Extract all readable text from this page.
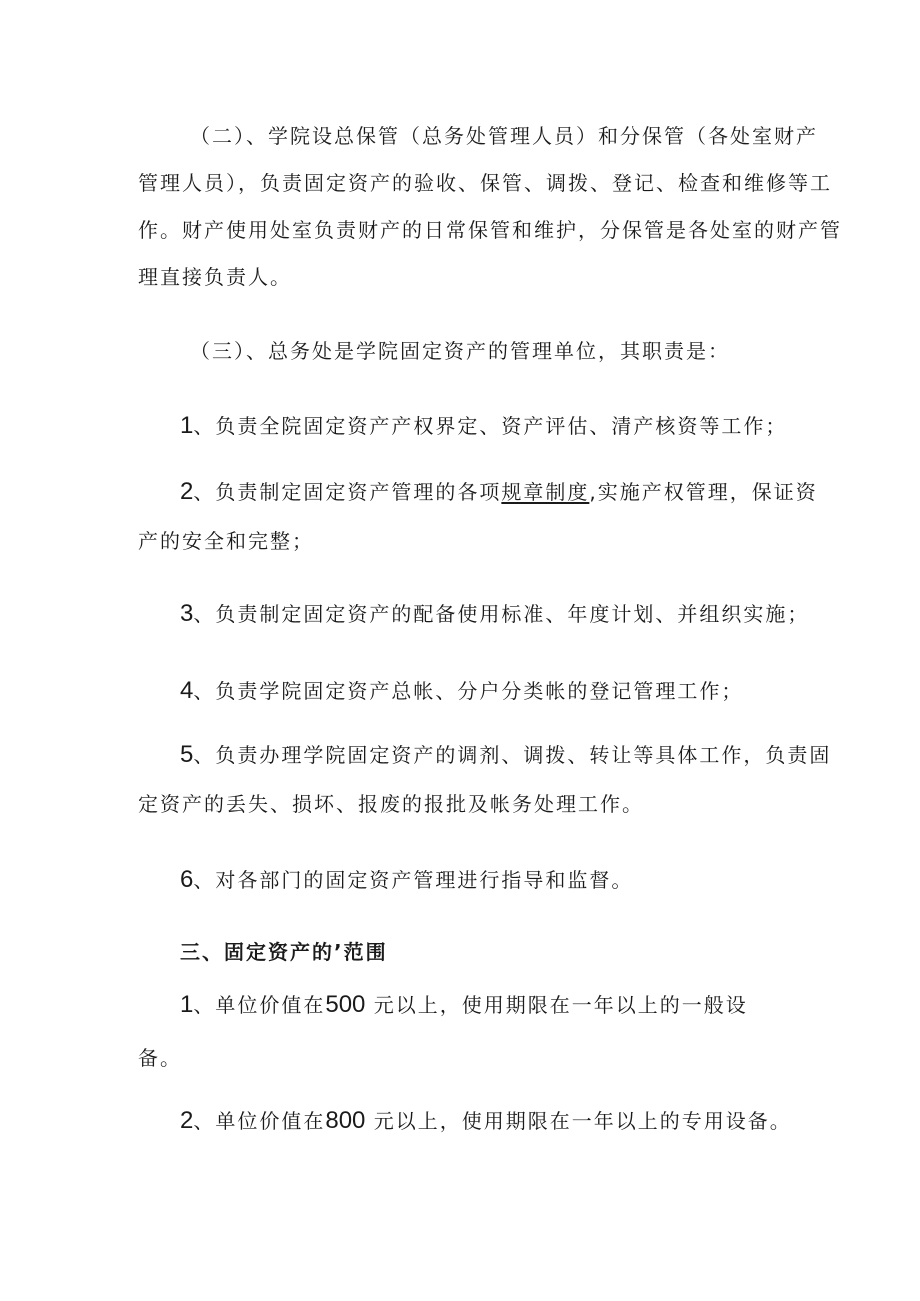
（二）、学院设总保管（总务处管理人员）和分保管（各处室财产
管理人员），负责固定资产的验收、保管、调拨、登记、检查和维修等工
作。财产使用处室负责财产的日常保管和维护，分保管是各处室的财产管
理直接负责人。
（三）、总务处是学院固定资产的管理单位，其职责是：
1、负责全院固定资产产权界定、资产评估、清产核资等工作；
2、负责制定固定资产管理的各项规章制度,实施产权管理，保证资
产的安全和完整；
3、负责制定固定资产的配备使用标准、年度计划、并组织实施；
4、负责学院固定资产总帐、分户分类帐的登记管理工作；
5、负责办理学院固定资产的调剂、调拨、转让等具体工作，负责固
定资产的丢失、损坏、报废的报批及帐务处理工作。
6、对各部门的固定资产管理进行指导和监督。
三、固定资产的’范围
1、单位价值在500 元以上，使用期限在一年以上的一般设
备。
2、单位价值在800 元以上，使用期限在一年以上的专用设备。
